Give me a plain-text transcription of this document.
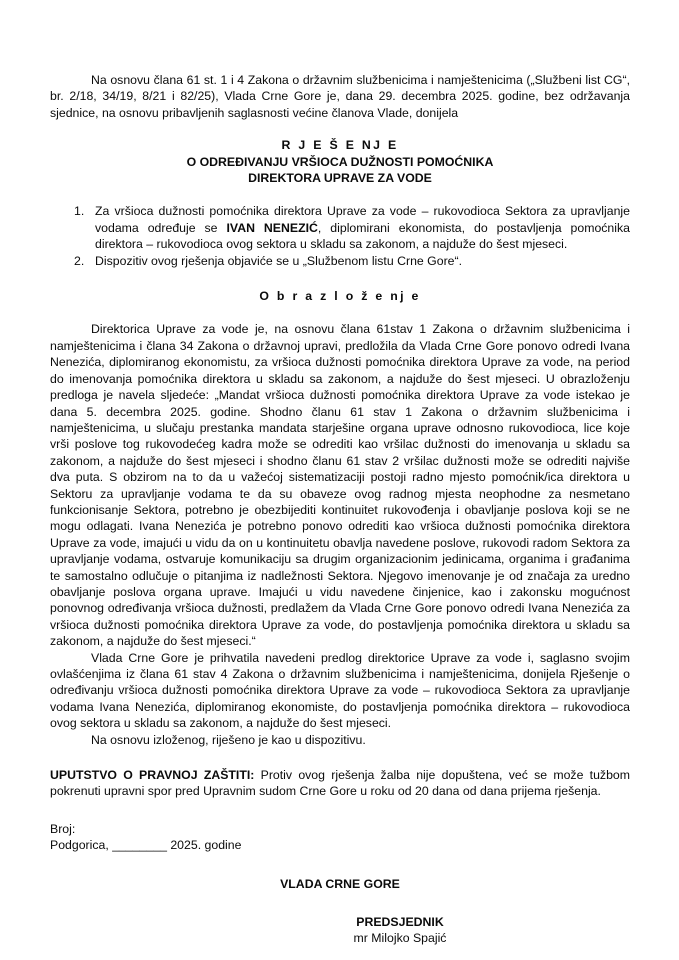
Na osnovu člana 61 st. 1 i 4 Zakona o državnim službenicima i namještenicima („Službeni list CG“, br. 2/18, 34/19, 8/21 i 82/25), Vlada Crne Gore je, dana 29. decembra 2025. godine, bez održavanja sjednice, na osnovu pribavljenih saglasnosti većine članova Vlade, donijela

R J E Š E NJ E
O ODREĐIVANJU VRŠIOCA DUŽNOSTI POMOĆNIKA
DIREKTORA UPRAVE ZA VODE
1. Za vršioca dužnosti pomoćnika direktora Uprave za vode – rukovodioca Sektora za upravljanje vodama određuje se IVAN NENEZIĆ, diplomirani ekonomista, do postavljenja pomoćnika direktora – rukovodioca ovog sektora u skladu sa zakonom, a najduže do šest mjeseci.
2. Dispozitiv ovog rješenja objaviće se u „Službenom listu Crne Gore“.
O b r a z l o ž e nj e

Direktorica Uprave za vode je, na osnovu člana 61stav 1 Zakona o državnim službenicima i namještenicima i člana 34 Zakona o državnoj upravi, predložila da Vlada Crne Gore ponovo odredi Ivana Nenezića, diplomiranog ekonomistu, za vršioca dužnosti pomoćnika direktora Uprave za vode, na period do imenovanja pomoćnika direktora u skladu sa zakonom, a najduže do šest mjeseci. U obrazloženju predloga je navela sljedeće: „Mandat vršioca dužnosti pomoćnika direktora Uprave za vode istekao je dana 5. decembra 2025. godine. Shodno članu 61 stav 1 Zakona o državnim službenicima i namještenicima, u slučaju prestanka mandata starješine organa uprave odnosno rukovodioca, lice koje vrši poslove tog rukovodećeg kadra može se odrediti kao vršilac dužnosti do imenovanja u skladu sa zakonom, a najduže do šest mjeseci i shodno članu 61 stav 2 vršilac dužnosti može se odrediti najviše dva puta. S obzirom na to da u važećoj sistematizaciji postoji radno mjesto pomoćnik/ica direktora u Sektoru za upravljanje vodama te da su obaveze ovog radnog mjesta neophodne za nesmetano funkcionisanje Sektora, potrebno je obezbijediti kontinuitet rukovođenja i obavljanje poslova koji se ne mogu odlagati. Ivana Nenezića je potrebno ponovo odrediti kao vršioca dužnosti pomoćnika direktora Uprave za vode, imajući u vidu da on u kontinuitetu obavlja navedene poslove, rukovodi radom Sektora za upravljanje vodama, ostvaruje komunikaciju sa drugim organizacionim jedinicama, organima i građanima te samostalno odlučuje o pitanjima iz nadležnosti Sektora. Njegovo imenovanje je od značaja za uredno obavljanje poslova organa uprave. Imajući u vidu navedene činjenice, kao i zakonsku mogućnost ponovnog određivanja vršioca dužnosti, predlažem da Vlada Crne Gore ponovo odredi Ivana Nenezića za vršioca dužnosti pomoćnika direktora Uprave za vode, do postavljenja pomoćnika direktora u skladu sa zakonom, a najduže do šest mjeseci.“

Vlada Crne Gore je prihvatila navedeni predlog direktorice Uprave za vode i, saglasno svojim ovlašćenjima iz člana 61 stav 4 Zakona o državnim službenicima i namještenicima, donijela Rješenje o određivanju vršioca dužnosti pomoćnika direktora Uprave za vode – rukovodioca Sektora za upravljanje vodama Ivana Nenezića, diplomiranog ekonomiste, do postavljenja pomoćnika direktora – rukovodioca ovog sektora u skladu sa zakonom, a najduže do šest mjeseci.

Na osnovu izloženog, riješeno je kao u dispozitivu.

UPUTSTVO O PRAVNOJ ZAŠTITI: Protiv ovog rješenja žalba nije dopuštena, već se može tužbom pokrenuti upravni spor pred Upravnim sudom Crne Gore u roku od 20 dana od dana prijema rješenja.

Broj:
Podgorica, ________ 2025. godine
VLADA CRNE GORE
PREDSJEDNIK
mr Milojko Spajić
